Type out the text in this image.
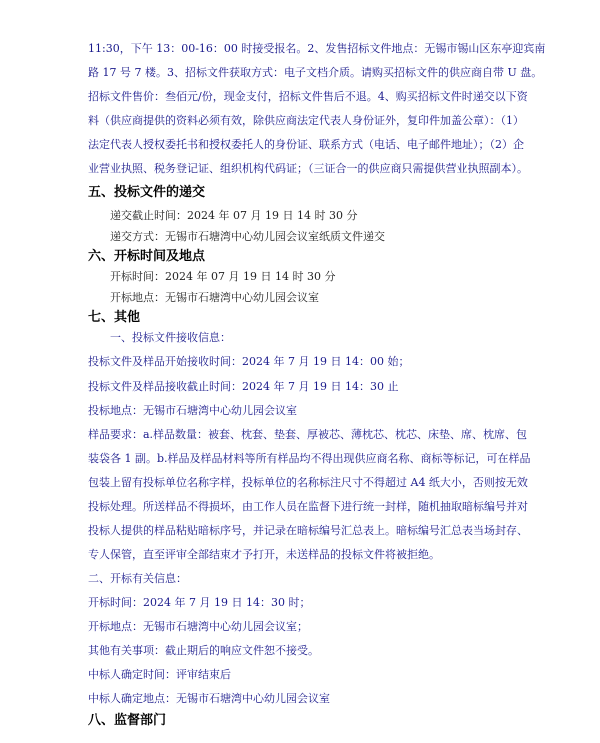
11:30，下午 13：00-16：00 时接受报名。2、发售招标文件地点：无锡市锡山区东亭迎宾南
路 17 号 7 楼。3、招标文件获取方式：电子文档介质。请购买招标文件的供应商自带 U 盘。
招标文件售价：叁佰元/份，现金支付，招标文件售后不退。4、购买招标文件时递交以下资
料（供应商提供的资料必须有效，除供应商法定代表人身份证外，复印件加盖公章）：（1）
法定代表人授权委托书和授权委托人的身份证、联系方式（电话、电子邮件地址）；（2）企
业营业执照、税务登记证、组织机构代码证；（三证合一的供应商只需提供营业执照副本）。
五、投标文件的递交
递交截止时间：2024 年 07 月 19 日 14 时 30 分
递交方式：无锡市石塘湾中心幼儿园会议室纸质文件递交
六、开标时间及地点
开标时间：2024 年 07 月 19 日 14 时 30 分
开标地点：无锡市石塘湾中心幼儿园会议室
七、其他
一、投标文件接收信息：
投标文件及样品开始接收时间：2024 年 7 月 19 日 14：00 始；
投标文件及样品接收截止时间：2024 年 7 月 19 日 14：30 止
投标地点：无锡市石塘湾中心幼儿园会议室
样品要求：a.样品数量：被套、枕套、垫套、厚被芯、薄枕芯、枕芯、床垫、席、枕席、包
装袋各 1 副。b.样品及样品材料等所有样品均不得出现供应商名称、商标等标记，可在样品
包装上留有投标单位名称字样，投标单位的名称标注尺寸不得超过 A4 纸大小，否则按无效
投标处理。所送样品不得损坏，由工作人员在监督下进行统一封样，随机抽取暗标编号并对
投标人提供的样品粘贴暗标序号，并记录在暗标编号汇总表上。暗标编号汇总表当场封存、
专人保管，直至评审全部结束才予打开，未送样品的投标文件将被拒绝。
二、开标有关信息：
开标时间：2024 年 7 月 19 日 14：30 时；
开标地点：无锡市石塘湾中心幼儿园会议室；
其他有关事项：截止期后的响应文件恕不接受。
中标人确定时间：评审结束后
中标人确定地点：无锡市石塘湾中心幼儿园会议室
八、监督部门
